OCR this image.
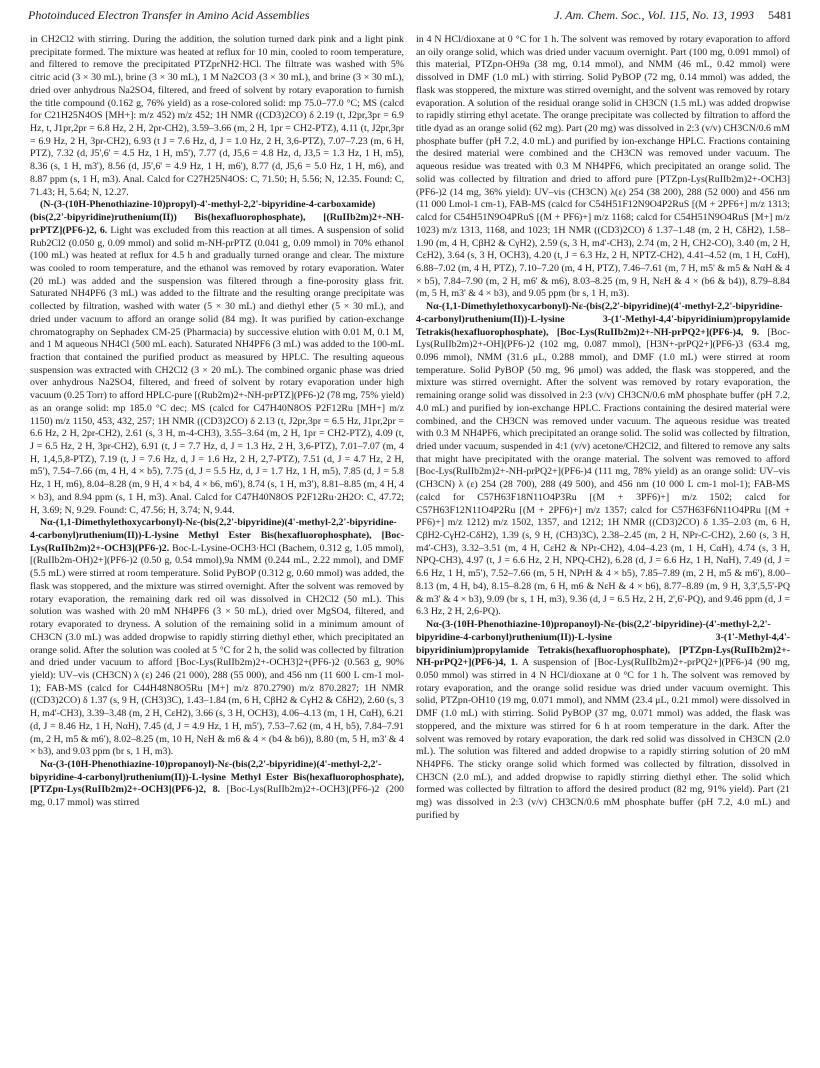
Photoinduced Electron Transfer in Amino Acid Assemblies	J. Am. Chem. Soc., Vol. 115, No. 13, 1993 5481

in CH2Cl2 with stirring. During the addition, the solution turned dark pink and a light pink precipitate formed. The mixture was heated at reflux for 10 min, cooled to room temperature, and filtered to remove the precipitated PTZprNH2·HCl. The filtrate was washed with 5% citric acid (3 × 30 mL), brine (3 × 30 mL), 1 M Na2CO3 (3 × 30 mL), and brine (3 × 30 mL), dried over anhydrous Na2SO4, filtered, and freed of solvent by rotary evaporation to furnish the title compound (0.162 g, 76% yield) as a rose-colored solid: mp 75.0–77.0 °C; MS (calcd for C21H25N4OS [MH+]: m/z 452) m/z 452; 1H NMR ((CD3)2CO) δ 2.19 (t, J2pr,3pr = 6.9 Hz, t, J1pr,2pr = 6.8 Hz, 2 H, 2pr-CH2), 3.59–3.66 (m, 2 H, 1pr = CH2-PTZ), 4.11 (t, J2pr,3pr = 6.9 Hz, 2 H, 3pr-CH2), 6.93 (t J = 7.6 Hz, d, J = 1.0 Hz, 2 H, 3,6-PTZ), 7.07–7.23 (m, 6 H, PTZ), 7.32 (d, J5',6' = 4.5 Hz, 1 H, m5'), 7.77 (d, J5,6 = 4.8 Hz, d, J3,5 = 1.3 Hz, 1 H, m5), 8.36 (s, 1 H, m3'), 8.56 (d, J5',6' = 4.9 Hz, 1 H, m6'), 8.77 (d, J5,6 = 5.0 Hz, 1 H, m6), and 8.87 ppm (s, 1 H, m3). Anal. Calcd for C27H25N4OS: C, 71.50; H, 5.56; N, 12.35. Found: C, 71.43; H, 5.64; N, 12.27.

(N-(3-(10H-Phenothiazine-10)propyl)-4'-methyl-2,2'-bipyridine-4-carboxamide)(bis(2,2'-bipyridine)ruthenium(II)) Bis(hexafluorophosphate), [(RuIIb2m)2+-NH-prPTZ](PF6-)2, 6. Light was excluded from this reaction at all times. A suspension of solid Rub2Cl2 (0.050 g, 0.09 mmol) and solid m-NH-prPTZ (0.041 g, 0.09 mmol) in 70% ethanol (100 mL) was heated at reflux for 4.5 h and gradually turned orange and clear. The mixture was cooled to room temperature, and the ethanol was removed by rotary evaporation. Water (20 mL) was added and the suspension was filtered through a fine-porosity glass frit. Saturated NH4PF6 (3 mL) was added to the filtrate and the resulting orange precipitate was collected by filtration, washed with water (5 × 30 mL) and diethyl ether (5 × 30 mL), and dried under vacuum to afford an orange solid (84 mg). It was purified by cation-exchange chromatography on Sephadex CM-25 (Pharmacia) by successive elution with 0.01 M, 0.1 M, and 1 M aqueous NH4Cl (500 mL each). Saturated NH4PF6 (3 mL) was added to the 100-mL fraction that contained the purified product as measured by HPLC. The resulting aqueous suspension was extracted with CH2Cl2 (3 × 20 mL). The combined organic phase was dried over anhydrous Na2SO4, filtered, and freed of solvent by rotary evaporation under high vacuum (0.25 Torr) to afford HPLC-pure [(Rub2m)2+-NH-prPTZ](PF6-)2 (78 mg, 75% yield) as an orange solid: mp 185.0 °C dec; MS (calcd for C47H40N8OS P2F12Ru [MH+] m/z 1150) m/z 1150, 453, 432, 257; 1H NMR ((CD3)2CO) δ 2.13 (t, J2pr,3pr = 6.5 Hz, J1pr,2pr = 6.6 Hz, 2 H, 2pr-CH2), 2.61 (s, 3 H, m-4-CH3), 3.55–3.64 (m, 2 H, 1pr = CH2-PTZ), 4.09 (t, J = 6.5 Hz, 2 H, 3pr-CH2), 6.91 (t, J = 7.7 Hz, d, J = 1.3 Hz, 2 H, 3,6-PTZ), 7.01–7.07 (m, 4 H, 1,4,5,8-PTZ), 7.19 (t, J = 7.6 Hz, d, J = 1.6 Hz, 2 H, 2,7-PTZ), 7.51 (d, J = 4.7 Hz, 2 H, m5'), 7.54–7.66 (m, 4 H, 4 × b5), 7.75 (d, J = 5.5 Hz, d, J = 1.7 Hz, 1 H, m5), 7.85 (d, J = 5.8 Hz, 1 H, m6), 8.04–8.28 (m, 9 H, 4 × b4, 4 × b6, m6'), 8.74 (s, 1 H, m3'), 8.81–8.85 (m, 4 H, 4 × b3), and 8.94 ppm (s, 1 H, m3). Anal. Calcd for C47H40N8OS P2F12Ru·2H2O: C, 47.72; H, 3.69; N, 9.29. Found: C, 47.56; H, 3.74; N, 9.44.

Nα-(1,1-Dimethylethoxycarbonyl)-Nε-(bis(2,2'-bipyridine)(4'-methyl-2,2'-bipyridine-4-carbonyl)ruthenium(II))-L-lysine Methyl Ester Bis(hexafluorophosphate), [Boc-Lys(RuIIb2m)2+-OCH3](PF6-)2. Boc-L-Lysine-OCH3·HCl (Bachem, 0.312 g, 1.05 mmol), [(RuIIb2m-OH)2+](PF6-)2 (0.50 g, 0.54 mmol),9a NMM (0.244 mL, 2.22 mmol), and DMF (5.5 mL) were stirred at room temperature. Solid PyBOP (0.312 g, 0.60 mmol) was added, the flask was stoppered, and the mixture was stirred overnight. After the solvent was removed by rotary evaporation, the remaining dark red oil was dissolved in CH2Cl2 (50 mL). This solution was washed with 20 mM NH4PF6 (3 × 50 mL), dried over MgSO4, filtered, and rotary evaporated to dryness. A solution of the remaining solid in a minimum amount of CH3CN (3.0 mL) was added dropwise to rapidly stirring diethyl ether, which precipitated an orange solid. After the solution was cooled at 5 °C for 2 h, the solid was collected by filtration and dried under vacuum to afford [Boc-Lys(RuIIb2m)2+-OCH3]2+(PF6-)2 (0.563 g, 90% yield): UV–vis (CH3CN) λ (ε) 246 (21 000), 288 (55 000), and 456 nm (11 600 L cm-1 mol-1); FAB-MS (calcd for C44H48N8O5Ru [M+] m/z 870.2790) m/z 870.2827; 1H NMR ((CD3)2CO) δ 1.37 (s, 9 H, (CH3)3C), 1.43–1.84 (m, 6 H, CβH2 & CγH2 & CδH2), 2.60 (s, 3 H, m4'-CH3), 3.39–3.48 (m, 2 H, CεH2), 3.66 (s, 3 H, OCH3), 4.06–4.13 (m, 1 H, CαH), 6.21 (d, J = 8.46 Hz, 1 H, NαH), 7.45 (d, J = 4.9 Hz, 1 H, m5'), 7.53–7.62 (m, 4 H, b5), 7.84–7.91 (m, 2 H, m5 & m6'), 8.02–8.25 (m, 10 H, NεH & m6 & 4 × (b4 & b6)), 8.80 (m, 5 H, m3' & 4 × b3), and 9.03 ppm (br s, 1 H, m3).

Nα-(3-(10H-Phenothiazine-10)propanoyl)-Nε-(bis(2,2'-bipyridine)(4'-methyl-2,2'-bipyridine-4-carbonyl)ruthenium(II))-L-lysine Methyl Ester Bis(hexafluorophosphate), [PTZpn-Lys(RuIIb2m)2+-OCH3](PF6-)2, 8. [Boc-Lys(RuIIb2m)2+-OCH3](PF6-)2 (200 mg, 0.17 mmol) was stirred

in 4 N HCl/dioxane at 0 °C for 1 h. The solvent was removed by rotary evaporation to afford an oily orange solid, which was dried under vacuum overnight. Part (100 mg, 0.091 mmol) of this material, PTZpn-OH9a (38 mg, 0.14 mmol), and NMM (46 mL, 0.42 mmol) were dissolved in DMF (1.0 mL) with stirring. Solid PyBOP (72 mg, 0.14 mmol) was added, the flask was stoppered, the mixture was stirred overnight, and the solvent was removed by rotary evaporation. A solution of the residual orange solid in CH3CN (1.5 mL) was added dropwise to rapidly stirring ethyl acetate. The orange precipitate was collected by filtration to afford the title dyad as an orange solid (62 mg). Part (20 mg) was dissolved in 2:3 (v/v) CH3CN/0.6 mM phosphate buffer (pH 7.2, 4.0 mL) and purified by ion-exchange HPLC. Fractions containing the desired material were combined and the CH3CN was removed under vacuum. The aqueous residue was treated with 0.3 M NH4PF6, which precipitated an orange solid. The solid was collected by filtration and dried to afford pure [PTZpn-Lys(RuIIb2m)2+-OCH3](PF6-)2 (14 mg, 36% yield): UV–vis (CH3CN) λ(ε) 254 (38 200), 288 (52 000) and 456 nm (11 000 Lmol-1 cm-1), FAB-MS (calcd for C54H51F12N9O4P2RuS [(M + 2PF6+] m/z 1313; calcd for C54H51N9O4PRuS [(M + PF6)+] m/z 1168; calcd for C54H51N9O4RuS [M+] m/z 1023) m/z 1313, 1168, and 1023; 1H NMR ((CD3)2CO) δ 1.37–1.48 (m, 2 H, CδH2), 1.58–1.90 (m, 4 H, CβH2 & CγH2), 2.59 (s, 3 H, m4'-CH3), 2.74 (m, 2 H, CH2-CO), 3.40 (m, 2 H, CεH2), 3.64 (s, 3 H, OCH3), 4.20 (t, J = 6.3 Hz, 2 H, NPTZ-CH2), 4.41–4.52 (m, 1 H, CαH), 6.88–7.02 (m, 4 H, PTZ), 7.10–7.20 (m, 4 H, PTZ), 7.46–7.61 (m, 7 H, m5' & m5 & NαH & 4 × b5), 7.84–7.90 (m, 2 H, m6' & m6), 8.03–8.25 (m, 9 H, NεH & 4 × (b6 & b4)), 8.79–8.84 (m, 5 H, m3' & 4 × b3), and 9.05 ppm (br s, 1 H, m3).

Nα-(1,1-Dimethylethoxycarbonyl)-Nε-(bis(2,2'-bipyridine)(4'-methyl-2,2'-bipyridine-4-carbonyl)ruthenium(II))-L-lysine 3-(1'-Methyl-4,4'-bipyridinium)propylamide Tetrakis(hexafluorophosphate), [Boc-Lys(RuIIb2m)2+-NH-prPQ2+](PF6-)4, 9. [Boc-Lys(RuIIb2m)2+-OH](PF6-)2 (102 mg, 0.087 mmol), [H3N+-prPQ2+](PF6-)3 (63.4 mg, 0.096 mmol), NMM (31.6 μL, 0.288 mmol), and DMF (1.0 mL) were stirred at room temperature. Solid PyBOP (50 mg, 96 μmol) was added, the flask was stoppered, and the mixture was stirred overnight. After the solvent was removed by rotary evaporation, the remaining orange solid was dissolved in 2:3 (v/v) CH3CN/0.6 mM phosphate buffer (pH 7.2, 4.0 mL) and purified by ion-exchange HPLC. Fractions containing the desired material were combined, and the CH3CN was removed under vacuum. The aqueous residue was treated with 0.3 M NH4PF6, which precipitated an orange solid. The solid was collected by filtration, dried under vacuum, suspended in 4:1 (v/v) acetone/CH2Cl2, and filtered to remove any salts that might have precipitated with the orange material. The solvent was removed to afford [Boc-Lys(RuIIb2m)2+-NH-prPQ2+](PF6-)4 (111 mg, 78% yield) as an orange solid: UV–vis (CH3CN) λ (ε) 254 (28 700), 288 (49 500), and 456 nm (10 000 L cm-1 mol-1); FAB-MS (calcd for C57H63F18N11O4P3Ru [(M + 3PF6)+] m/z 1502; calcd for C57H63F12N11O4P2Ru [(M + 2PF6)+] m/z 1357; calcd for C57H63F6N11O4PRu [(M + PF6)+] m/z 1212) m/z 1502, 1357, and 1212; 1H NMR ((CD3)2CO) δ 1.35–2.03 (m, 6 H, CβH2-CγH2-CδH2), 1.39 (s, 9 H, (CH3)3C), 2.38–2.45 (m, 2 H, NPr-C-CH2), 2.60 (s, 3 H, m4'-CH3), 3.32–3.51 (m, 4 H, CεH2 & NPr-CH2), 4.04–4.23 (m, 1 H, CαH), 4.74 (s, 3 H, NPQ-CH3), 4.97 (t, J = 6.6 Hz, 2 H, NPQ-CH2), 6.28 (d, J = 6.6 Hz, 1 H, NαH), 7.49 (d, J = 6.6 Hz, 1 H, m5'), 7.52–7.66 (m, 5 H, NPrH & 4 × b5), 7.85–7.89 (m, 2 H, m5 & m6'), 8.00–8.13 (m, 4 H, b4), 8.15–8.28 (m, 6 H, m6 & NεH & 4 × b6), 8.77–8.89 (m, 9 H, 3,3',5,5'-PQ & m3' & 4 × b3), 9.09 (br s, 1 H, m3), 9.36 (d, J = 6.5 Hz, 2 H, 2',6'-PQ), and 9.46 ppm (d, J = 6.3 Hz, 2 H, 2,6-PQ).

Nα-(3-(10H-Phenothiazine-10)propanoyl)-Nε-(bis(2,2'-bipyridine)-(4'-methyl-2,2'-bipyridine-4-carbonyl)ruthenium(II))-L-lysine 3-(1'-Methyl-4,4'-bipyridinium)propylamide Tetrakis(hexafluorophosphate), [PTZpn-Lys(RuIIb2m)2+-NH-prPQ2+](PF6-)4, 1. A suspension of [Boc-Lys(RuIIb2m)2+-prPQ2+](PF6-)4 (90 mg, 0.050 mmol) was stirred in 4 N HCl/dioxane at 0 °C for 1 h. The solvent was removed by rotary evaporation, and the orange solid residue was dried under vacuum overnight. This solid, PTZpn-OH10 (19 mg, 0.071 mmol), and NMM (23.4 μL, 0.21 mmol) were dissolved in DMF (1.0 mL) with stirring. Solid PyBOP (37 mg, 0.071 mmol) was added, the flask was stoppered, and the mixture was stirred for 6 h at room temperature in the dark. After the solvent was removed by rotary evaporation, the dark red solid was dissolved in CH3CN (2.0 mL). The solution was filtered and added dropwise to a rapidly stirring solution of 20 mM NH4PF6. The sticky orange solid which formed was collected by filtration, dissolved in CH3CN (2.0 mL), and added dropwise to rapidly stirring diethyl ether. The solid which formed was collected by filtration to afford the desired product (82 mg, 91% yield). Part (21 mg) was dissolved in 2:3 (v/v) CH3CN/0.6 mM phosphate buffer (pH 7.2, 4.0 mL) and purified by
